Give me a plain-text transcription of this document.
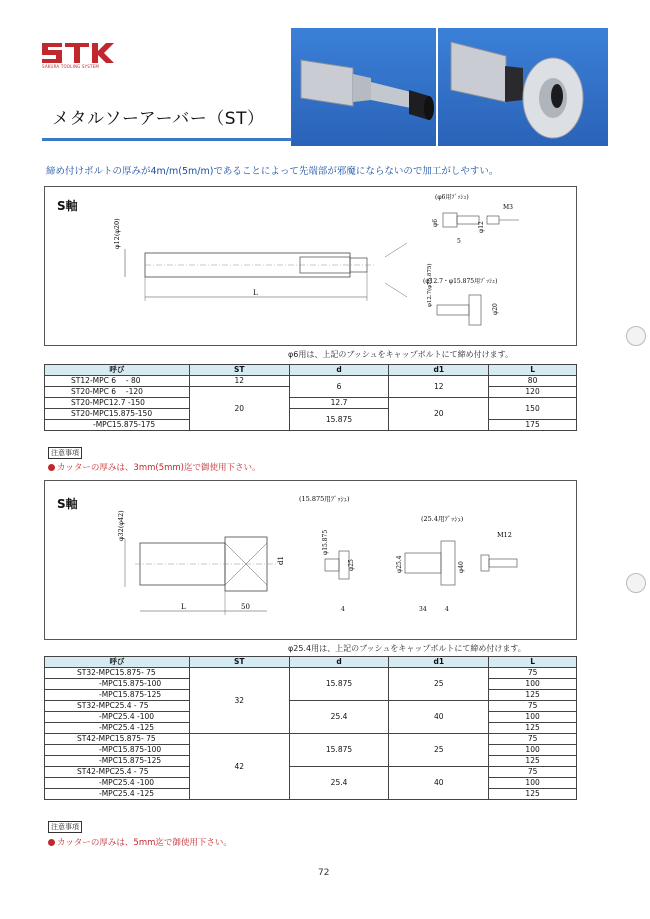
SAKURA TOOLING SYSTEM
メタルソーアーバー（ST）
締め付けボルトの厚みが4m/m(5m/m)であることによって先端部が邪魔にならないので加工がしやすい。
S軸
L
φ12(φ20)
(φ6用ﾌﾞｯｼｭ)
M3
φ6	φ12
5
(φ12.7・φ15.875用ﾌﾞｯｼｭ)
φ12.7(φ15.875)
φ20
φ6用は、上記のブッシュをキャップボルトにて締め付けます。
呼び	ST	d	d1	L
ST12-MPC 6　 - 80	12	6	12	80
ST20-MPC 6　 -120	20			120
ST20-MPC12.7 -150		12.7	20	150
ST20-MPC15.875-150		15.875		
-MPC15.875-175				175
注意事項
カッターの厚みは、3mm(5mm)迄で御使用下さい。
S軸
L	50
φ32(φ42)
d1
(15.875用ﾌﾞｯｼｭ)
φ15.875
φ25
4
(25.4用ﾌﾞｯｼｭ)
M12
φ25.4	φ40
34	4
φ25.4用は、上記のブッシュをキャップボルトにて締め付けます。
呼び	ST	d	d1	L
ST32-MPC15.875- 75	32	15.875	25	75
-MPC15.875-100				100
-MPC15.875-125				125
ST32-MPC25.4 - 75		25.4	40	75
-MPC25.4 -100				100
-MPC25.4 -125				125
ST42-MPC15.875- 75	42	15.875	25	75
-MPC15.875-100				100
-MPC15.875-125				125
ST42-MPC25.4 - 75		25.4	40	75
-MPC25.4 -100				100
-MPC25.4 -125				125
注意事項
カッターの厚みは、5mm迄で御使用下さい。
72
